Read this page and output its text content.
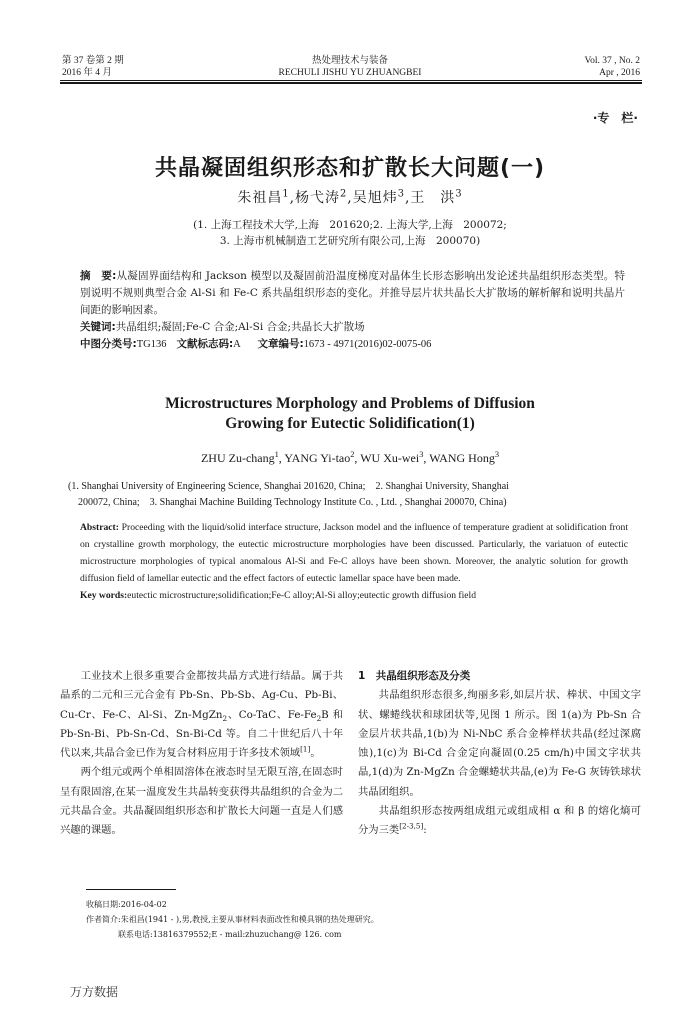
第 37 卷第 2 期
2016 年 4 月
热处理技术与装备
RECHULI JISHU YU ZHUANGBEI
Vol. 37 , No. 2
Apr , 2016
·专　栏·
共晶凝固组织形态和扩散长大问题(一)
朱祖昌$^1$,杨弋涛$^2$,吴旭炜$^3$,王　洪$^3$
(1. 上海工程技术大学,上海　201620;2. 上海大学,上海　200072;
3. 上海市机械制造工艺研究所有限公司,上海　200070)
摘　要:从凝固界面结构和 Jackson 模型以及凝固前沿温度梯度对晶体生长形态影响出发论述共晶组织形态类型。特别说明不规则典型合金 Al-Si 和 Fe-C 系共晶组织形态的变化。并推导层片状共晶长大扩散场的解析解和说明共晶片间距的影响因素。
关键词:共晶组织;凝固;Fe-C 合金;Al-Si 合金;共晶长大扩散场
中图分类号:TG136 文献标志码:A 文章编号:1673 - 4971(2016)02-0075-06
Microstructures Morphology and Problems of Diffusion
Growing for Eutectic Solidification(1)
ZHU Zu-chang$^1$, YANG Yi-tao$^2$, WU Xu-wei$^3$, WANG Hong$^3$
(1. Shanghai University of Engineering Science, Shanghai 201620, China;　2. Shanghai University, Shanghai
200072, China;　3. Shanghai Machine Building Technology Institute Co. , Ltd. , Shanghai 200070, China)
Abstract: Proceeding with the liquid/solid interface structure, Jackson model and the influence of temperature gradient at solidification front on crystalline growth morphology, the eutectic microstructure morphologies have been discussed. Particularly, the variatuon of eutectic microstructure morphologies of typical anomalous Al-Si and Fe-C alloys have been shown. Moreover, the analytic solution for growth diffusion field of lamellar eutectic and the effect factors of eutectic lamellar space have been made.
Key words:eutectic microstructure;solidification;Fe-C alloy;Al-Si alloy;eutectic growth diffusion field

工业技术上很多重要合金都按共晶方式进行结晶。属于共晶系的二元和三元合金有 Pb-Sn、Pb-Sb、Ag-Cu、Pb-Bi、Cu-Cr、Fe-C、Al-Si、Zn-MgZn$_2$、Co-TaC、$Fe-Fe_2B$ 和 Pb-Sn-Bi、Pb-Sn-Cd、Sn-Bi-Cd 等。自二十世纪后八十年代以来,共晶合金已作为复合材料应用于许多技术领域[1]。

两个组元或两个单相固溶体在液态时呈无限互溶,在固态时呈有限固溶,在某一温度发生共晶转变获得共晶组织的合金为二元共晶合金。共晶凝固组织形态和扩散长大问题一直是人们感兴趣的课题。

1　共晶组织形态及分类

共晶组织形态很多,绚丽多彩,如层片状、棒状、中国文字状、螺蜷线状和球团状等,见图 1 所示。图 1(a)为 Pb-Sn 合金层片状共晶,1(b)为 Ni-NbC 系合金棒样状共晶(经过深腐蚀),1(c)为 Bi-Cd 合金定向凝固(0.25 cm/h)中国文字状共晶,1(d)为 Zn-MgZn 合金螺蜷状共晶,(e)为 Fe-G 灰铸铁球状共晶团组织。

共晶组织形态按两组成组元或组成相 α 和 β 的熔化熵可分为三类[2-3,5]:

收稿日期:2016-04-02
作者简介:朱祖昌(1941 - ),男,教授,主要从事材料表面改性和模具钢的热处理研究。
联系电话:13816379552;E - mail:zhuzuchang@ 126. com
万方数据
